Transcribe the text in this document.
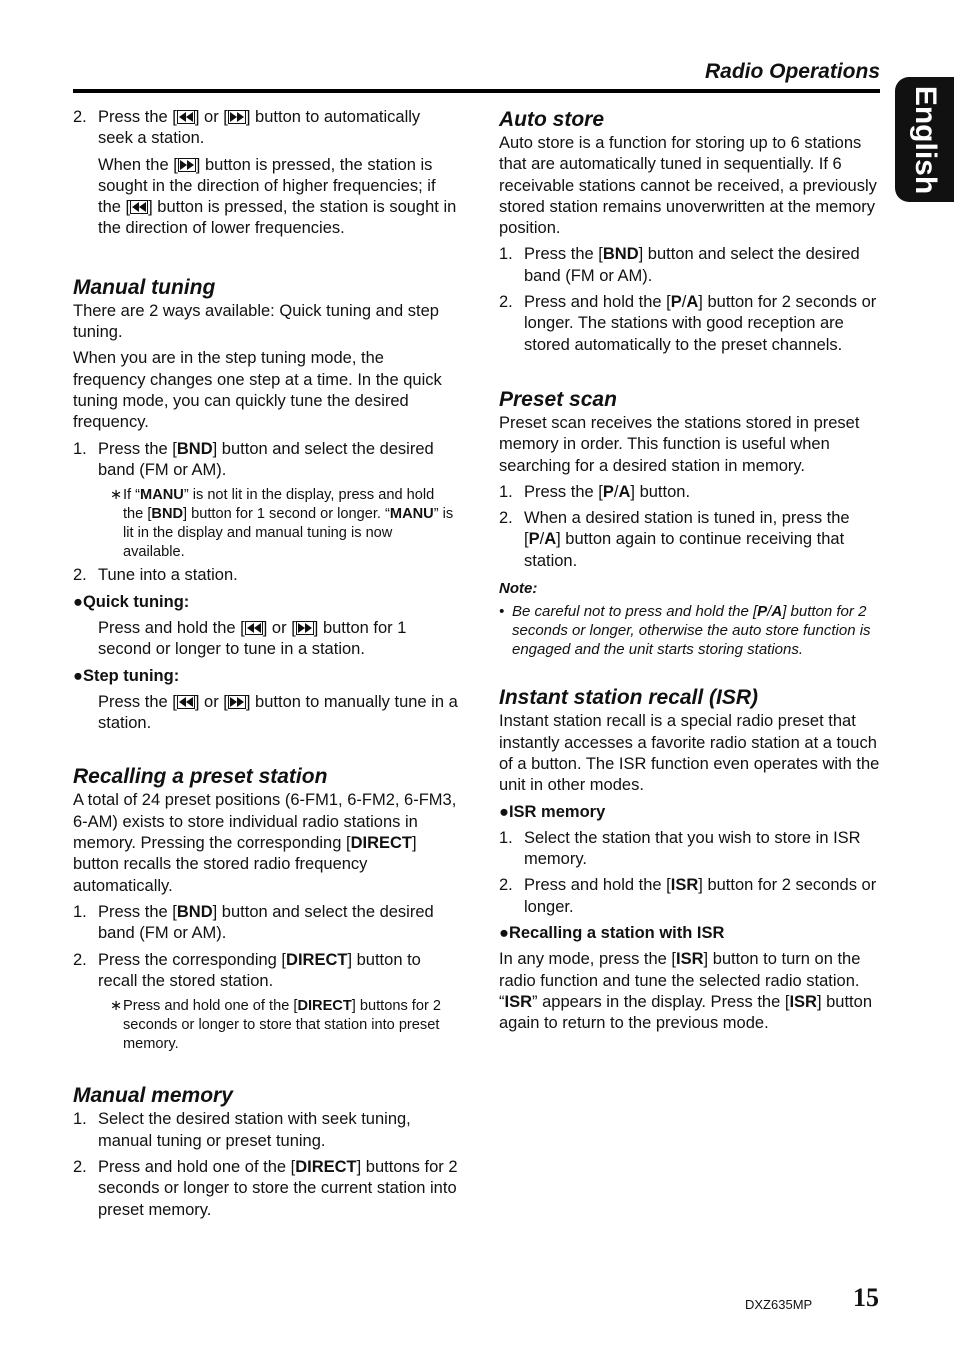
Radio Operations
English
2. Press the [ ] or [ ] button to automatically seek a station.
When the [ ] button is pressed, the station is sought in the direction of higher frequencies; if the [ ] button is pressed, the station is sought in the direction of lower frequencies.
Manual tuning

There are 2 ways available: Quick tuning and step tuning.

When you are in the step tuning mode, the frequency changes one step at a time. In the quick tuning mode, you can quickly tune the desired frequency.

1. Press the [BND] button and select the desired band (FM or AM).
∗ If “MANU” is not lit in the display, press and hold the [BND] button for 1 second or longer. “MANU” is lit in the display and manual tuning is now available.
2. Tune into a station.
●Quick tuning:
Press and hold the [ ] or [ ] button for 1 second or longer to tune in a station.
●Step tuning:
Press the [ ] or [ ] button to manually tune in a station.
Recalling a preset station

A total of 24 preset positions (6-FM1, 6-FM2, 6-FM3, 6-AM) exists to store individual radio stations in memory. Pressing the corresponding [DIRECT] button recalls the stored radio frequency automatically.

1. Press the [BND] button and select the desired band (FM or AM).
2. Press the corresponding [DIRECT] button to recall the stored station.
∗ Press and hold one of the [DIRECT] buttons for 2 seconds or longer to store that station into preset memory.
Manual memory
1. Select the desired station with seek tuning, manual tuning or preset tuning.
2. Press and hold one of the [DIRECT] buttons for 2 seconds or longer to store the current station into preset memory.
Auto store

Auto store is a function for storing up to 6 stations that are automatically tuned in sequentially. If 6 receivable stations cannot be received, a previously stored station remains unoverwritten at the memory position.

1. Press the [BND] button and select the desired band (FM or AM).
2. Press and hold the [P/A] button for 2 seconds or longer. The stations with good reception are stored automatically to the preset channels.
Preset scan

Preset scan receives the stations stored in preset memory in order. This function is useful when searching for a desired station in memory.

1. Press the [P/A] button.
2. When a desired station is tuned in, press the [P/A] button again to continue receiving that station.
Note:
• Be careful not to press and hold the [P/A] button for 2 seconds or longer, otherwise the auto store function is engaged and the unit starts storing stations.
Instant station recall (ISR)

Instant station recall is a special radio preset that instantly accesses a favorite radio station at a touch of a button. The ISR function even operates with the unit in other modes.

●ISR memory
1. Select the station that you wish to store in ISR memory.
2. Press and hold the [ISR] button for 2 seconds or longer.
●Recalling a station with ISR

In any mode, press the [ISR] button to turn on the radio function and tune the selected radio station. “ISR” appears in the display. Press the [ISR] button again to return to the previous mode.

DXZ635MP 15
